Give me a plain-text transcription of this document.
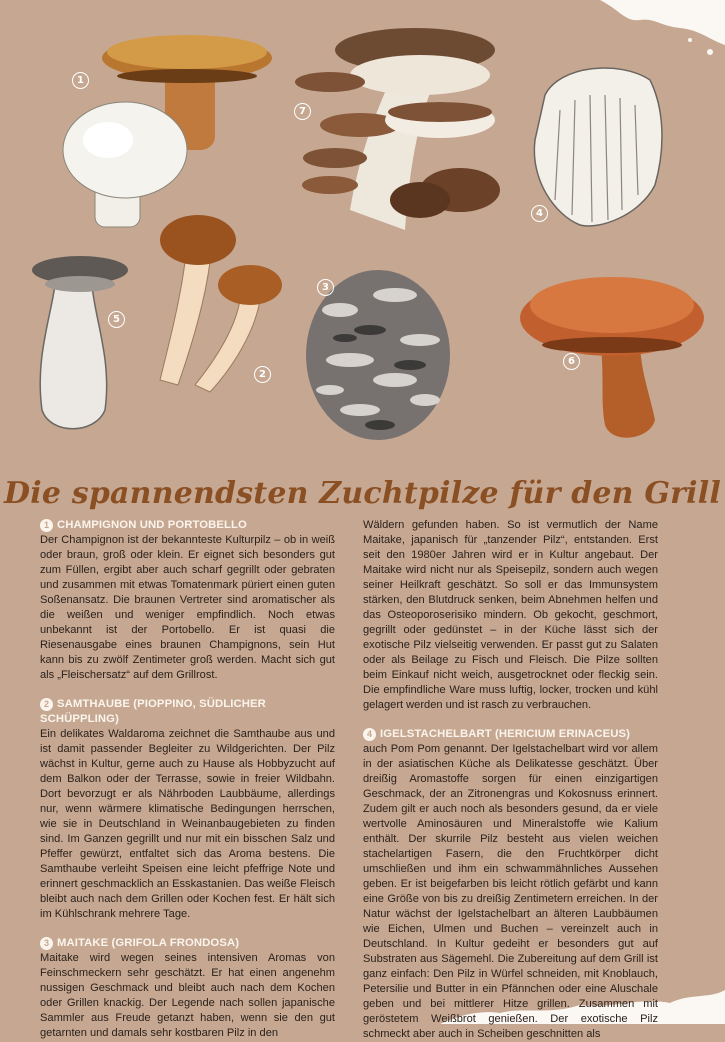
1
7
4
5
2
3
6
Die spannendsten Zuchtpilze für den Grill
1 CHAMPIGNON UND PORTOBELLO

Der Champignon ist der bekannteste Kulturpilz – ob in weiß oder braun, groß oder klein. Er eignet sich besonders gut zum Füllen, ergibt aber auch scharf gegrillt oder gebraten und zusammen mit etwas Tomatenmark püriert einen guten Soßenansatz. Die braunen Vertreter sind aromatischer als die weißen und weniger empfindlich. Noch etwas unbekannt ist der Portobello. Er ist quasi die Riesenausgabe eines braunen Champignons, sein Hut kann bis zu zwölf Zentimeter groß werden. Macht sich gut als „Fleischersatz“ auf dem Grillrost.

2 SAMTHAUBE (PIOPPINO, SÜDLICHER SCHÜPPLING)

Ein delikates Waldaroma zeichnet die Samthaube aus und ist damit passender Begleiter zu Wildgerichten. Der Pilz wächst in Kultur, gerne auch zu Hause als Hobbyzucht auf dem Balkon oder der Terrasse, sowie in freier Wildbahn. Dort bevorzugt er als Nährboden Laubbäume, allerdings nur, wenn wärmere klimatische Bedingungen herrschen, wie sie in Deutschland in Weinanbaugebieten zu finden sind. Im Ganzen gegrillt und nur mit ein bisschen Salz und Pfeffer gewürzt, entfaltet sich das Aroma bestens. Die Samthaube verleiht Speisen eine leicht pfeffrige Note und erinnert geschmacklich an Esskastanien. Das weiße Fleisch bleibt auch nach dem Grillen oder Kochen fest. Er hält sich im Kühlschrank mehrere Tage.

3 MAITAKE (GRIFOLA FRONDOSA)

Maitake wird wegen seines intensiven Aromas von Feinschmeckern sehr geschätzt. Er hat einen angenehm nussigen Geschmack und bleibt auch nach dem Kochen oder Grillen knackig. Der Legende nach sollen japanische Sammler aus Freude getanzt haben, wenn sie den gut getarnten und damals sehr kostbaren Pilz in den

Wäldern gefunden haben. So ist vermutlich der Name Maitake, japanisch für „tanzender Pilz“, entstanden. Erst seit den 1980er Jahren wird er in Kultur angebaut. Der Maitake wird nicht nur als Speisepilz, sondern auch wegen seiner Heilkraft geschätzt. So soll er das Immunsystem stärken, den Blutdruck senken, beim Abnehmen helfen und das Osteoporoserisiko mindern. Ob gekocht, geschmort, gegrillt oder gedünstet – in der Küche lässt sich der exotische Pilz vielseitig verwenden. Er passt gut zu Salaten oder als Beilage zu Fisch und Fleisch. Die Pilze sollten beim Einkauf nicht weich, ausgetrocknet oder fleckig sein. Die empfindliche Ware muss luftig, locker, trocken und kühl gelagert werden und ist rasch zu verbrauchen.

4 IGELSTACHELBART (HERICIUM ERINACEUS)

auch Pom Pom genannt. Der Igelstachelbart wird vor allem in der asiatischen Küche als Delikatesse geschätzt. Über dreißig Aromastoffe sorgen für einen einzigartigen Geschmack, der an Zitronengras und Kokosnuss erinnert. Zudem gilt er auch noch als besonders gesund, da er viele wertvolle Aminosäuren und Mineralstoffe wie Kalium enthält. Der skurrile Pilz besteht aus vielen weichen stachelartigen Fasern, die den Fruchtkörper dicht umschließen und ihm ein schwammähnliches Aussehen geben. Er ist beigefarben bis leicht rötlich gefärbt und kann eine Größe von bis zu dreißig Zentimetern erreichen. In der Natur wächst der Igelstachelbart an älteren Laubbäumen wie Eichen, Ulmen und Buchen – vereinzelt auch in Deutschland. In Kultur gedeiht er besonders gut auf Substraten aus Sägemehl. Die Zubereitung auf dem Grill ist ganz einfach: Den Pilz in Würfel schneiden, mit Knoblauch, Petersilie und Butter in ein Pfännchen oder eine Aluschale geben und bei mittlerer Hitze grillen. Zusammen mit geröstetem Weißbrot genießen. Der exotische Pilz schmeckt aber auch in Scheiben geschnitten als
